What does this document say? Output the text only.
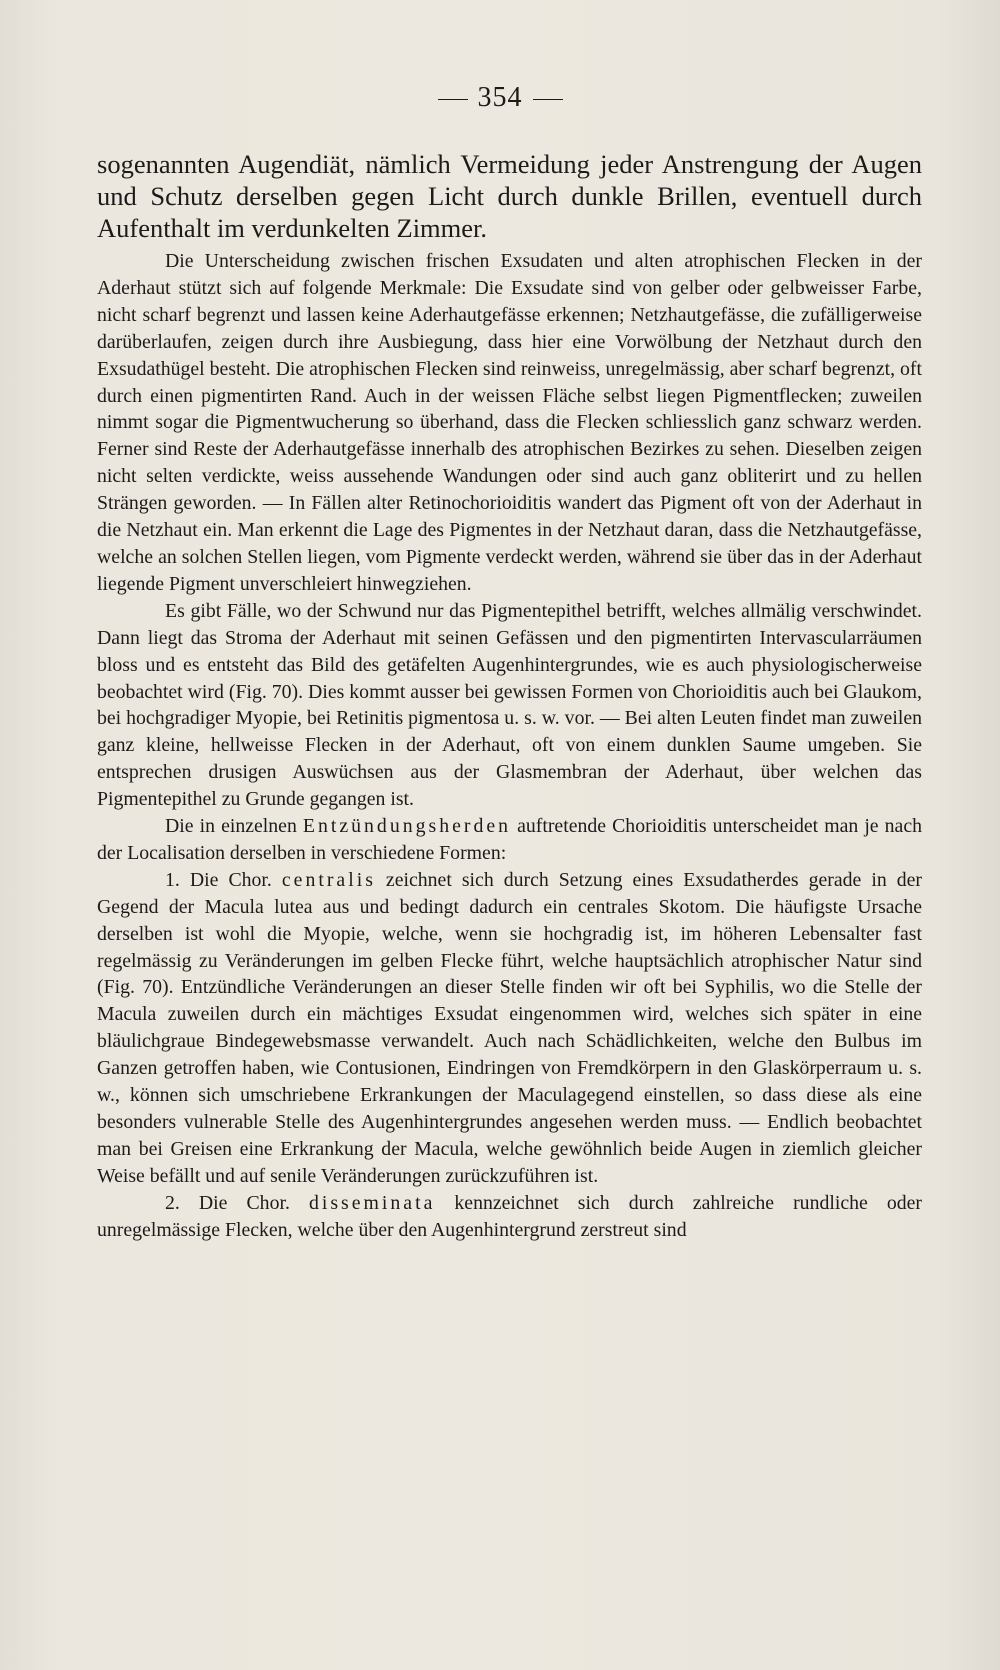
354

sogenannten Augendiät, nämlich Vermeidung jeder Anstrengung der Augen und Schutz derselben gegen Licht durch dunkle Brillen, eventuell durch Aufenthalt im verdunkelten Zimmer.

Die Unterscheidung zwischen frischen Exsudaten und alten atrophischen Flecken in der Aderhaut stützt sich auf folgende Merkmale: Die Exsudate sind von gelber oder gelbweisser Farbe, nicht scharf begrenzt und lassen keine Aderhautgefässe erkennen; Netzhautgefässe, die zufälligerweise darüberlaufen, zeigen durch ihre Ausbiegung, dass hier eine Vorwölbung der Netzhaut durch den Exsudathügel besteht. Die atrophischen Flecken sind reinweiss, unregelmässig, aber scharf begrenzt, oft durch einen pigmentirten Rand. Auch in der weissen Fläche selbst liegen Pigmentflecken; zuweilen nimmt sogar die Pigmentwucherung so überhand, dass die Flecken schliesslich ganz schwarz werden. Ferner sind Reste der Aderhautgefässe innerhalb des atrophischen Bezirkes zu sehen. Dieselben zeigen nicht selten verdickte, weiss aussehende Wandungen oder sind auch ganz obliterirt und zu hellen Strängen geworden. — In Fällen alter Retinochorioiditis wandert das Pigment oft von der Aderhaut in die Netzhaut ein. Man erkennt die Lage des Pigmentes in der Netzhaut daran, dass die Netzhautgefässe, welche an solchen Stellen liegen, vom Pigmente verdeckt werden, während sie über das in der Aderhaut liegende Pigment unverschleiert hinwegziehen.

Es gibt Fälle, wo der Schwund nur das Pigmentepithel betrifft, welches allmälig verschwindet. Dann liegt das Stroma der Aderhaut mit seinen Gefässen und den pigmentirten Intervascularräumen bloss und es entsteht das Bild des getäfelten Augenhintergrundes, wie es auch physiologischerweise beobachtet wird (Fig. 70). Dies kommt ausser bei gewissen Formen von Chorioiditis auch bei Glaukom, bei hochgradiger Myopie, bei Retinitis pigmentosa u. s. w. vor. — Bei alten Leuten findet man zuweilen ganz kleine, hellweisse Flecken in der Aderhaut, oft von einem dunklen Saume umgeben. Sie entsprechen drusigen Auswüchsen aus der Glasmembran der Aderhaut, über welchen das Pigmentepithel zu Grunde gegangen ist.

Die in einzelnen Entzündungsherden auftretende Chorioiditis unterscheidet man je nach der Localisation derselben in verschiedene Formen:

1. Die Chor. centralis zeichnet sich durch Setzung eines Exsudatherdes gerade in der Gegend der Macula lutea aus und bedingt dadurch ein centrales Skotom. Die häufigste Ursache derselben ist wohl die Myopie, welche, wenn sie hochgradig ist, im höheren Lebensalter fast regelmässig zu Veränderungen im gelben Flecke führt, welche hauptsächlich atrophischer Natur sind (Fig. 70). Entzündliche Veränderungen an dieser Stelle finden wir oft bei Syphilis, wo die Stelle der Macula zuweilen durch ein mächtiges Exsudat eingenommen wird, welches sich später in eine bläulichgraue Bindegewebsmasse verwandelt. Auch nach Schädlichkeiten, welche den Bulbus im Ganzen getroffen haben, wie Contusionen, Eindringen von Fremdkörpern in den Glaskörperraum u. s. w., können sich umschriebene Erkrankungen der Maculagegend einstellen, so dass diese als eine besonders vulnerable Stelle des Augenhintergrundes angesehen werden muss. — Endlich beobachtet man bei Greisen eine Erkrankung der Macula, welche gewöhnlich beide Augen in ziemlich gleicher Weise befällt und auf senile Veränderungen zurückzuführen ist.

2. Die Chor. disseminata kennzeichnet sich durch zahlreiche rundliche oder unregelmässige Flecken, welche über den Augenhintergrund zerstreut sind
